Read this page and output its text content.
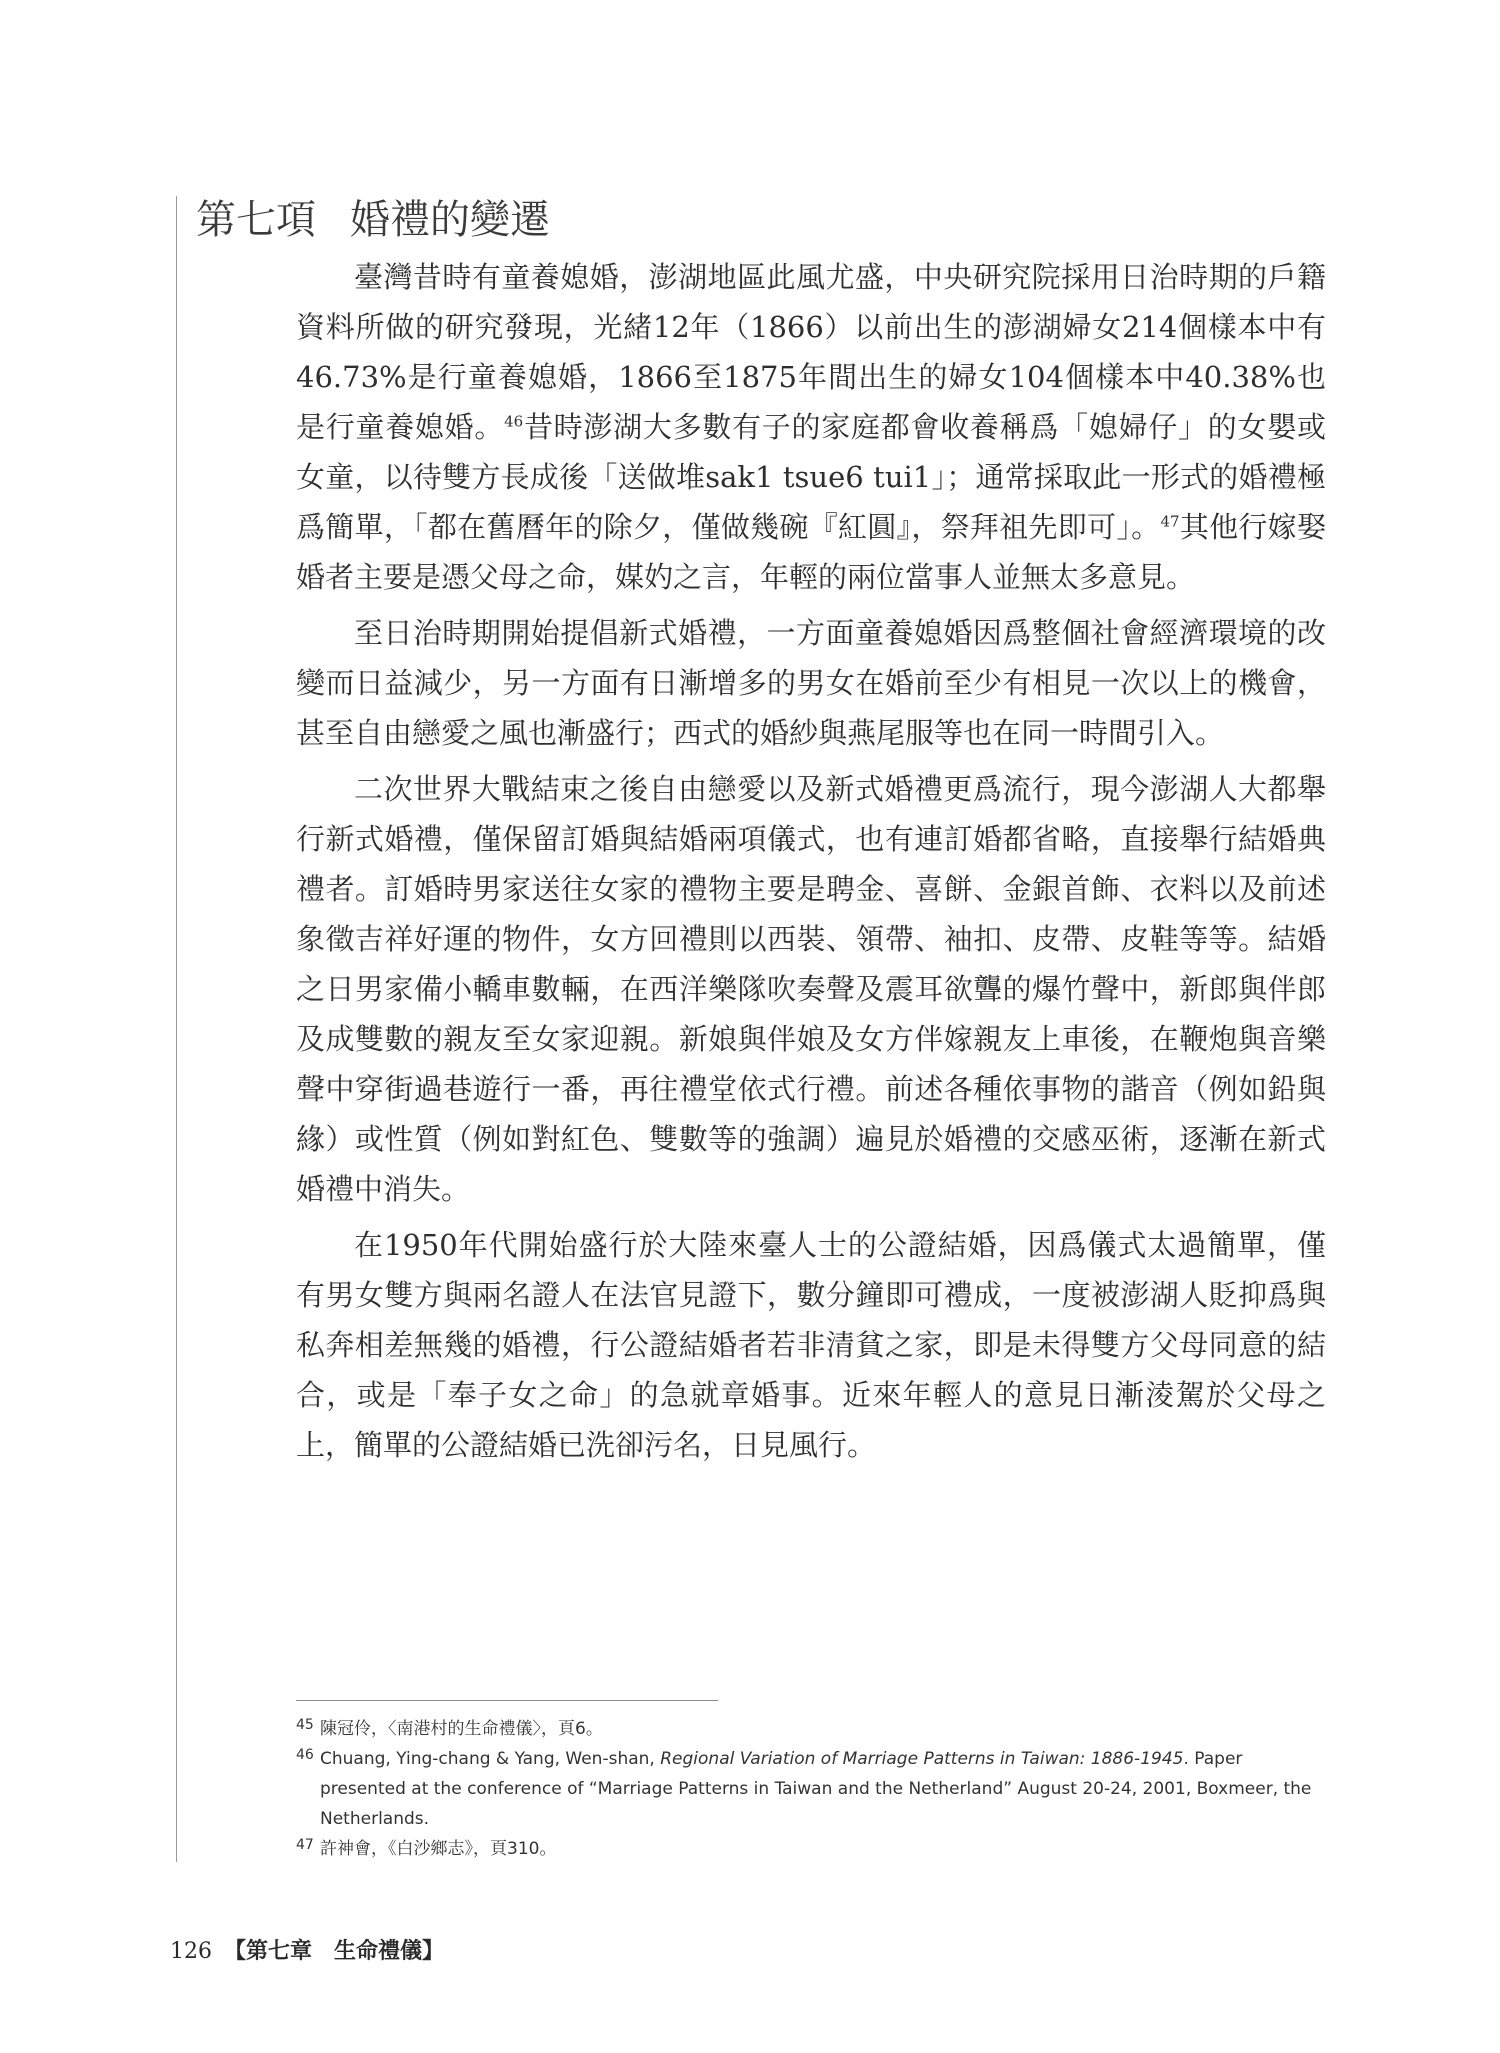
第七項 婚禮的變遷

臺灣昔時有童養媳婚，澎湖地區此風尤盛，中央研究院採用日治時期的戶籍資料所做的研究發現，光緒12年（1866）以前出生的澎湖婦女214個樣本中有46.73%是行童養媳婚，1866至1875年間出生的婦女104個樣本中40.38%也是行童養媳婚。$^{46}$昔時澎湖大多數有子的家庭都會收養稱爲「媳婦仔」的女嬰或女童，以待雙方長成後「送做堆sak1 tsue6 tui1」；通常採取此一形式的婚禮極爲簡單，「都在舊曆年的除夕，僅做幾碗『紅圓』，祭拜祖先即可」。$^{47}$其他行嫁娶婚者主要是憑父母之命，媒妁之言，年輕的兩位當事人並無太多意見。

至日治時期開始提倡新式婚禮，一方面童養媳婚因爲整個社會經濟環境的改變而日益減少，另一方面有日漸增多的男女在婚前至少有相見一次以上的機會，甚至自由戀愛之風也漸盛行；西式的婚紗與燕尾服等也在同一時間引入。

二次世界大戰結束之後自由戀愛以及新式婚禮更爲流行，現今澎湖人大都舉行新式婚禮，僅保留訂婚與結婚兩項儀式，也有連訂婚都省略，直接舉行結婚典禮者。訂婚時男家送往女家的禮物主要是聘金、喜餅、金銀首飾、衣料以及前述象徵吉祥好運的物件，女方回禮則以西裝、領帶、袖扣、皮帶、皮鞋等等。結婚之日男家備小轎車數輛，在西洋樂隊吹奏聲及震耳欲聾的爆竹聲中，新郎與伴郎及成雙數的親友至女家迎親。新娘與伴娘及女方伴嫁親友上車後，在鞭炮與音樂聲中穿街過巷遊行一番，再往禮堂依式行禮。前述各種依事物的諧音（例如鉛與緣）或性質（例如對紅色、雙數等的強調）遍見於婚禮的交感巫術，逐漸在新式婚禮中消失。

在1950年代開始盛行於大陸來臺人士的公證結婚，因爲儀式太過簡單，僅有男女雙方與兩名證人在法官見證下，數分鐘即可禮成，一度被澎湖人貶抑爲與私奔相差無幾的婚禮，行公證結婚者若非清貧之家，即是未得雙方父母同意的結合，或是「奉子女之命」的急就章婚事。近來年輕人的意見日漸淩駕於父母之上，簡單的公證結婚已洗卻污名，日見風行。

45 陳冠伶，〈南港村的生命禮儀〉，頁6。

46 Chuang, Ying-chang & Yang, Wen-shan, Regional Variation of Marriage Patterns in Taiwan: 1886-1945. Paper presented at the conference of “Marriage Patterns in Taiwan and the Netherland” August 20-24, 2001, Boxmeer, the Netherlands.

47 許神會，《白沙鄉志》，頁310。

126 【第七章　生命禮儀】
